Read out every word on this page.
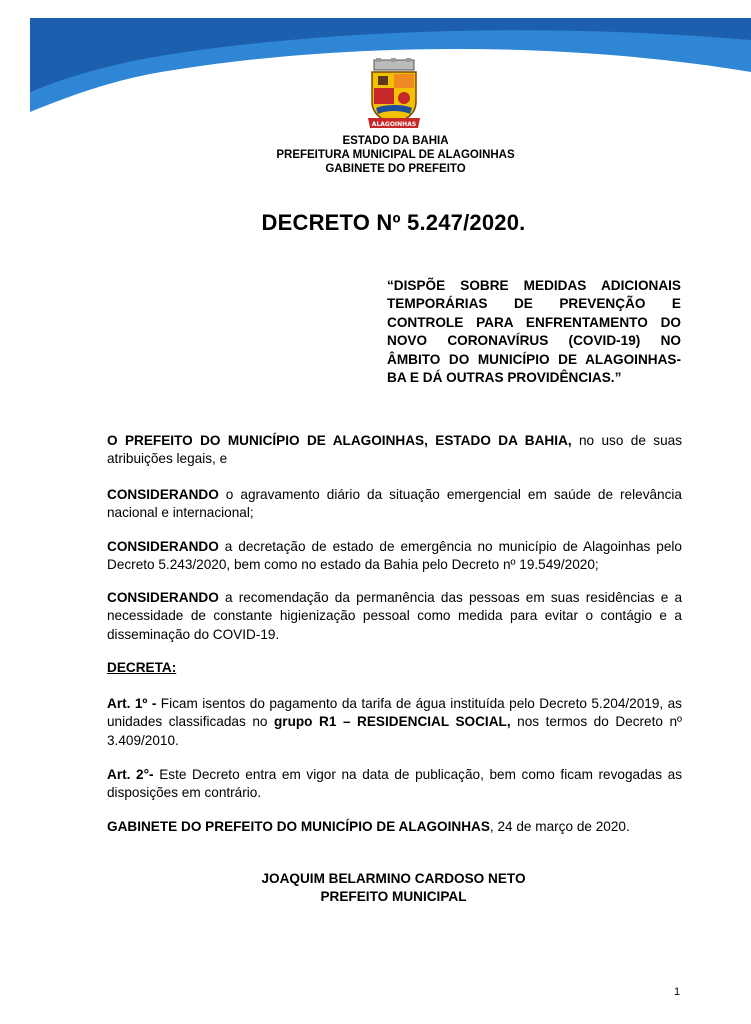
ALAGOINHAS
ESTADO DA BAHIA
PREFEITURA MUNICIPAL DE ALAGOINHAS
GABINETE DO PREFEITO
DECRETO Nº 5.247/2020.
“DISPÕE SOBRE MEDIDAS ADICIONAIS TEMPORÁRIAS DE PREVENÇÃO E CONTROLE PARA ENFRENTAMENTO DO NOVO CORONAVÍRUS (COVID-19) NO ÂMBITO DO MUNICÍPIO DE ALAGOINHAS-BA E DÁ OUTRAS PROVIDÊNCIAS.”
O PREFEITO DO MUNICÍPIO DE ALAGOINHAS, ESTADO DA BAHIA, no uso de suas atribuições legais, e
CONSIDERANDO o agravamento diário da situação emergencial em saúde de relevância nacional e internacional;
CONSIDERANDO a decretação de estado de emergência no município de Alagoinhas pelo Decreto 5.243/2020, bem como no estado da Bahia pelo Decreto nº 19.549/2020;
CONSIDERANDO a recomendação da permanência das pessoas em suas residências e a necessidade de constante higienização pessoal como medida para evitar o contágio e a disseminação do COVID-19.
DECRETA:
Art. 1º - Ficam isentos do pagamento da tarifa de água instituída pelo Decreto 5.204/2019, as unidades classificadas no grupo R1 – RESIDENCIAL SOCIAL, nos termos do Decreto nº 3.409/2010.
Art. 2°- Este Decreto entra em vigor na data de publicação, bem como ficam revogadas as disposições em contrário.
GABINETE DO PREFEITO DO MUNICÍPIO DE ALAGOINHAS, 24 de março de 2020.
JOAQUIM BELARMINO CARDOSO NETO
PREFEITO MUNICIPAL
1
